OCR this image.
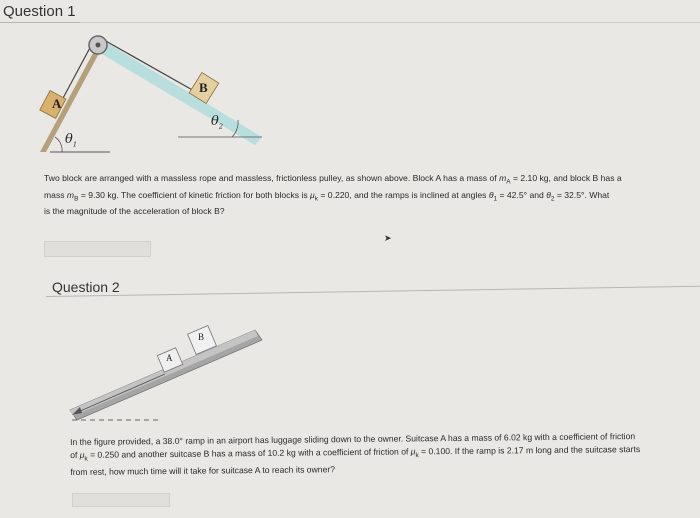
Question 1
A
B
$\theta_1$
$\theta_2$
Two block are arranged with a massless rope and massless, frictionless pulley, as shown above. Block A has a mass of $m_A = 2.10$ kg, and block B has a
mass $m_B = 9.30$ kg. The coefficient of kinetic friction for both blocks is $\mu_k = 0.220$, and the ramps is inclined at angles $\theta_1 = 42.5^\circ$ and $\theta_2 = 32.5^\circ$. What
is the magnitude of the acceleration of block B?
➤
Question 2
A
B
In the figure provided, a 38.0° ramp in an airport has luggage sliding down to the owner. Suitcase A has a mass of 6.02 kg with a coefficient of friction
of $\mu_k = 0.250$ and another suitcase B has a mass of 10.2 kg with a coefficient of friction of $\mu_k = 0.100$. If the ramp is 2.17 m long and the suitcase starts
from rest, how much time will it take for suitcase A to reach its owner?
